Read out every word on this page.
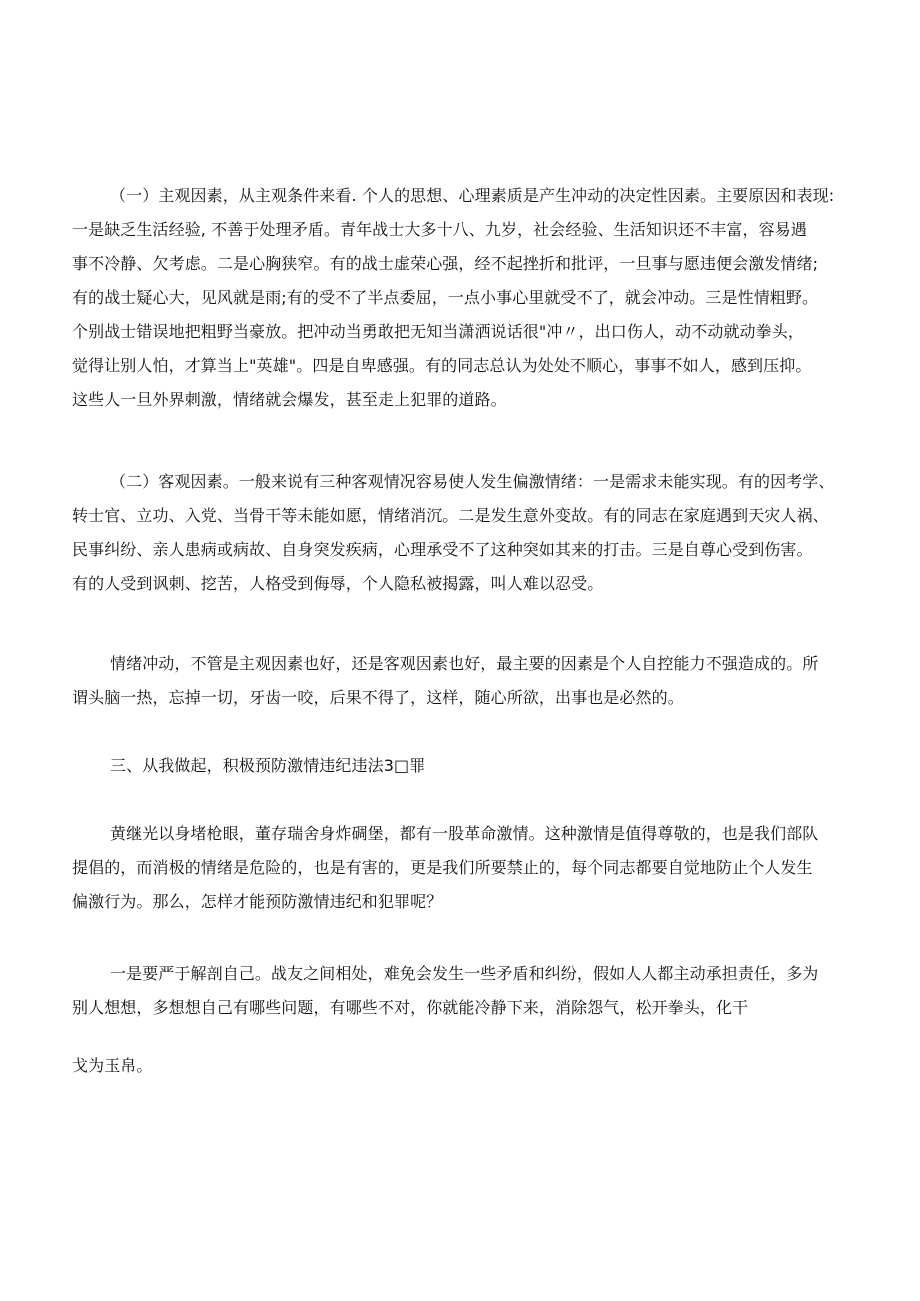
（一）主观因素，从主观条件来看. 个人的思想、心理素质是产生冲动的决定性因素。主要原因和表现:
一是缺乏生活经验, 不善于处理矛盾。青年战士大多十八、九岁，社会经验、生活知识还不丰富，容易遇
事不冷静、欠考虑。二是心胸狭窄。有的战士虚荣心强，经不起挫折和批评，一旦事与愿违便会激发情绪;
有的战士疑心大，见风就是雨;有的受不了半点委屈，一点小事心里就受不了，就会冲动。三是性情粗野。
个别战士错误地把粗野当豪放。把冲动当勇敢把无知当潇洒说话很"冲〃，出口伤人，动不动就动拳头，
觉得让别人怕，才算当上"英雄"。四是自卑感强。有的同志总认为处处不顺心，事事不如人，感到压抑。
这些人一旦外界刺激，情绪就会爆发，甚至走上犯罪的道路。
（二）客观因素。一般来说有三种客观情况容易使人发生偏激情绪：一是需求未能实现。有的因考学、
转士官、立功、入党、当骨干等未能如愿，情绪消沉。二是发生意外变故。有的同志在家庭遇到天灾人祸、
民事纠纷、亲人患病或病故、自身突发疾病，心理承受不了这种突如其来的打击。三是自尊心受到伤害。
有的人受到讽刺、挖苦，人格受到侮辱，个人隐私被揭露，叫人难以忍受。
情绪冲动，不管是主观因素也好，还是客观因素也好，最主要的因素是个人自控能力不强造成的。所
谓头脑一热，忘掉一切，牙齿一咬，后果不得了，这样，随心所欲，出事也是必然的。
三、从我做起，积极预防激情违纪违法3□罪
黄继光以身堵枪眼，董存瑞舍身炸碉堡，都有一股革命激情。这种激情是值得尊敬的，也是我们部队
提倡的，而消极的情绪是危险的，也是有害的，更是我们所要禁止的，每个同志都要自觉地防止个人发生
偏激行为。那么，怎样才能预防激情违纪和犯罪呢？
一是要严于解剖自己。战友之间相处，难免会发生一些矛盾和纠纷，假如人人都主动承担责任，多为
别人想想，多想想自己有哪些问题，有哪些不对，你就能冷静下来，消除怨气，松开拳头，化干
戈为玉帛。
